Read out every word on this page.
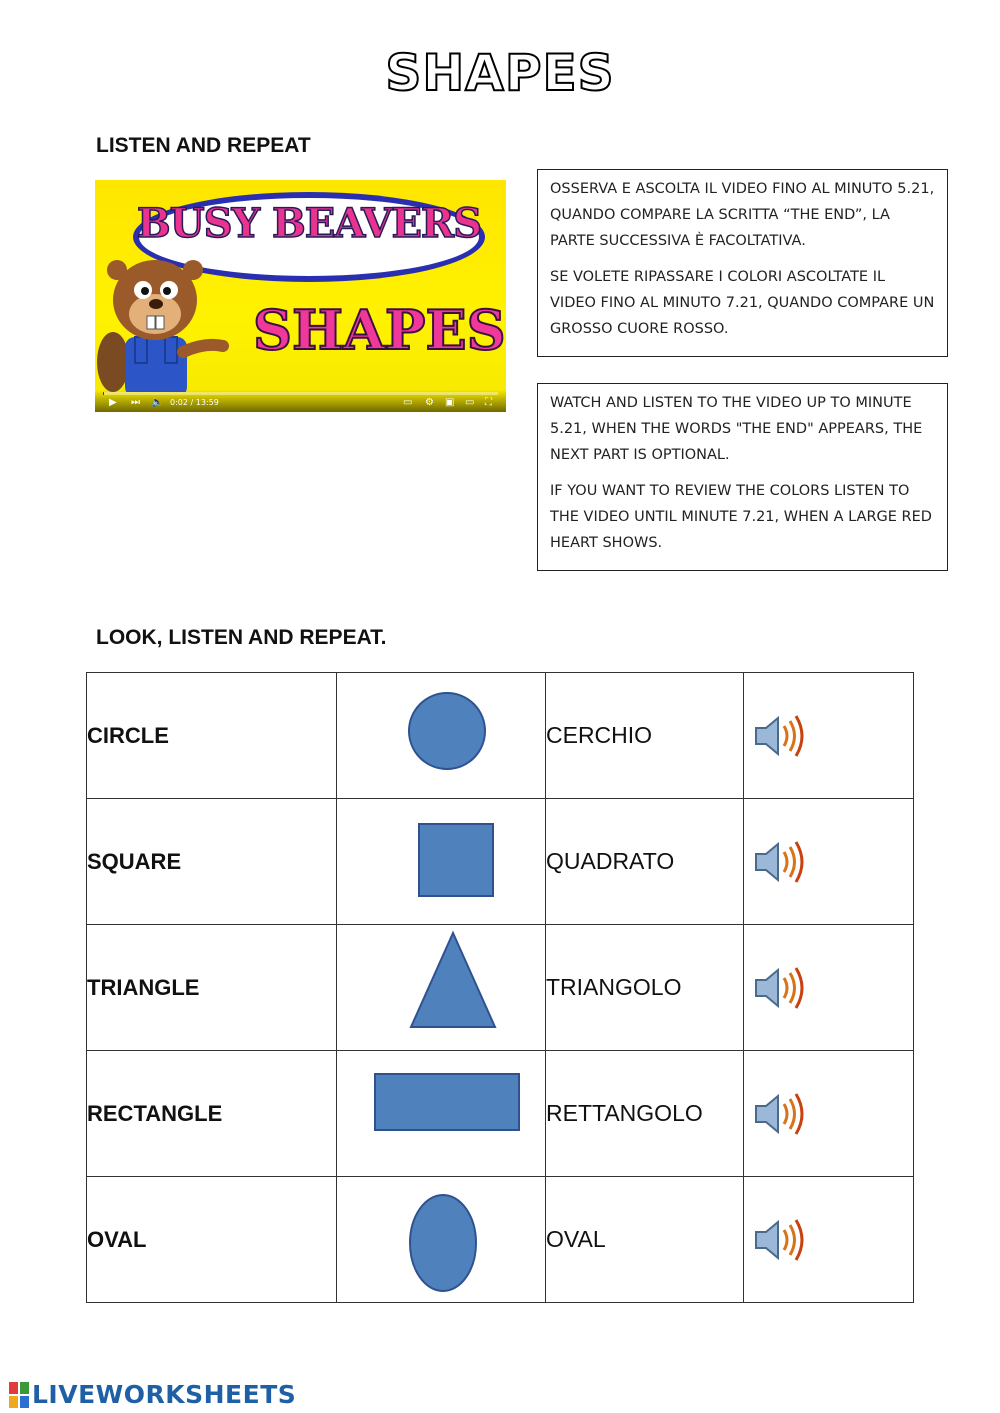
SHAPES
LISTEN AND REPEAT
BUSY BEAVERS
SHAPES
▶ ⏭ 🔈 0:02 / 13:59	▭ ⚙ ▣ ▭ ⛶

OSSERVA E ASCOLTA IL VIDEO FINO AL MINUTO 5.21, QUANDO COMPARE LA SCRITTA “THE END”, LA PARTE SUCCESSIVA È FACOLTATIVA.

SE VOLETE RIPASSARE I COLORI ASCOLTATE IL VIDEO FINO AL MINUTO 7.21, QUANDO COMPARE UN GROSSO CUORE ROSSO.

WATCH AND LISTEN TO THE VIDEO UP TO MINUTE 5.21, WHEN THE WORDS "THE END" APPEARS, THE NEXT PART IS OPTIONAL.

IF YOU WANT TO REVIEW THE COLORS LISTEN TO THE VIDEO UNTIL MINUTE 7.21, WHEN A LARGE RED HEART SHOWS.

LOOK, LISTEN AND REPEAT.
CIRCLE		CERCHIO	

SQUARE		QUADRATO	

TRIANGLE		TRIANGOLO	

RECTANGLE		RETTANGOLO	

OVAL		OVAL	
LIVEWORKSHEETS
